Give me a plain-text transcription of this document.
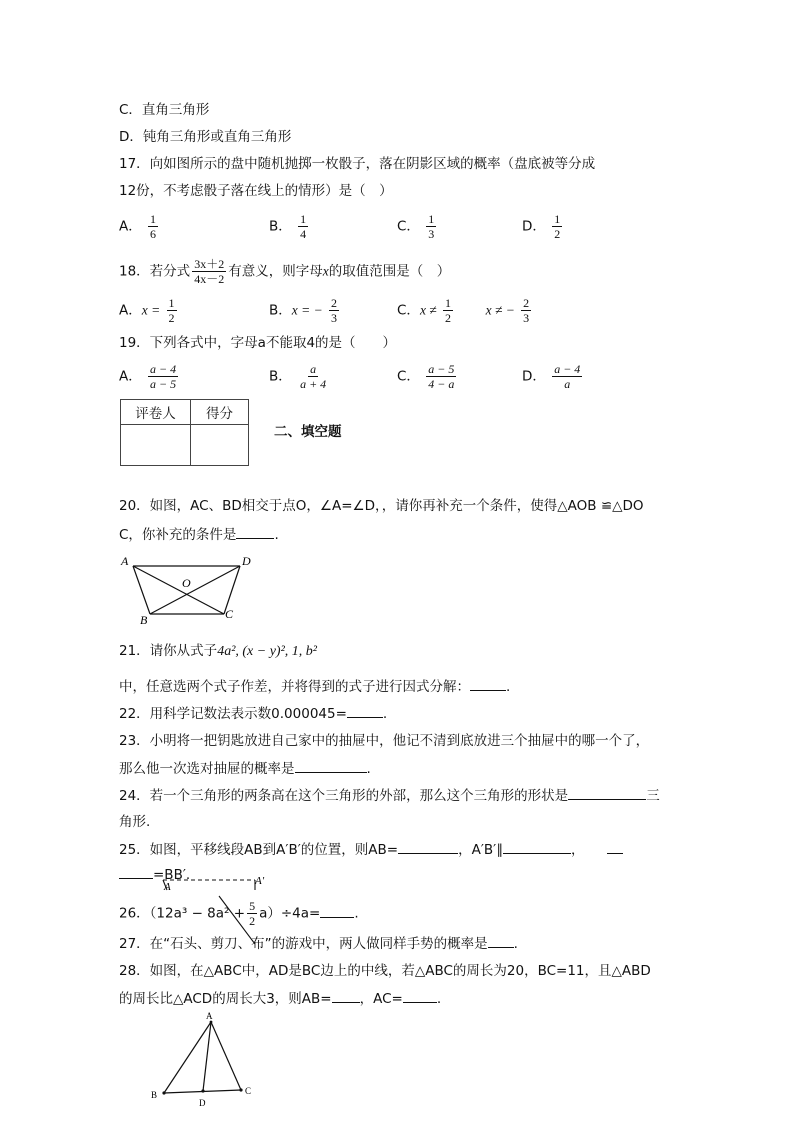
C．直角三角形
D．钝角三角形或直角三角形
17．向如图所示的盘中随机抛掷一枚骰子，落在阴影区域的概率（盘底被等分成
12份，不考虑骰子落在线上的情形）是（　）
A． $\frac{1}{6}$	B． $\frac{1}{4}$	C． $\frac{1}{3}$	D． $\frac{1}{2}$
18．若分式 $\frac{3x+2}{4x-2}$ 有意义，则字母x的取值范围是（　）
A．$x = \frac{1}{2}$	B．x = − $\frac{2}{3}$	C．$x \ne \frac{1}{2}$ x ≠ − $\frac{2}{3}$
19．下列各式中，字母a不能取4的是（　　）
A． $\frac{a - 4}{a - 5}$	B． $\frac{a}{a + 4}$	C． $\frac{a - 5}{4 - a}$	D． $\frac{a - 4}{a}$
评卷人	得分

二、填空题
20．如图，AC、BD相交于点O，∠A=∠D，，请你再补充一个条件，使得△AOB ≌△DO
C，你补充的条件是	.
A	D
O
B	C
21．请你从式子4a², (x − y)², 1, b²
中，任意选两个式子作差，并将得到的式子进行因式分解：	.
22．用科学记数法表示数0.000045=	.
23．小明将一把钥匙放进自己家中的抽屉中，他记不清到底放进三个抽屉中的哪一个了，
那么他一次选对抽屉的概率是	.
24．若一个三角形的两条高在这个三角形的外部，那么这个三角形的形状是	三
角形.
25．如图，平移线段AB到A′B′的位置，则AB=	，A′B′∥	，
=BB′.
A	A′
26．$(12a^3 - 8a^2 + \frac{5}{2} a)\div 4a=$	.
27．在“石头、剪刀、布”的游戏中，两人做同样手势的概率是 .
28．如图，在△ABC中，AD是BC边上的中线，若△ABC的周长为20，BC=11，且△ABD
的周长比△ACD的周长大3，则AB= ，AC=	.
A
B	C
D
